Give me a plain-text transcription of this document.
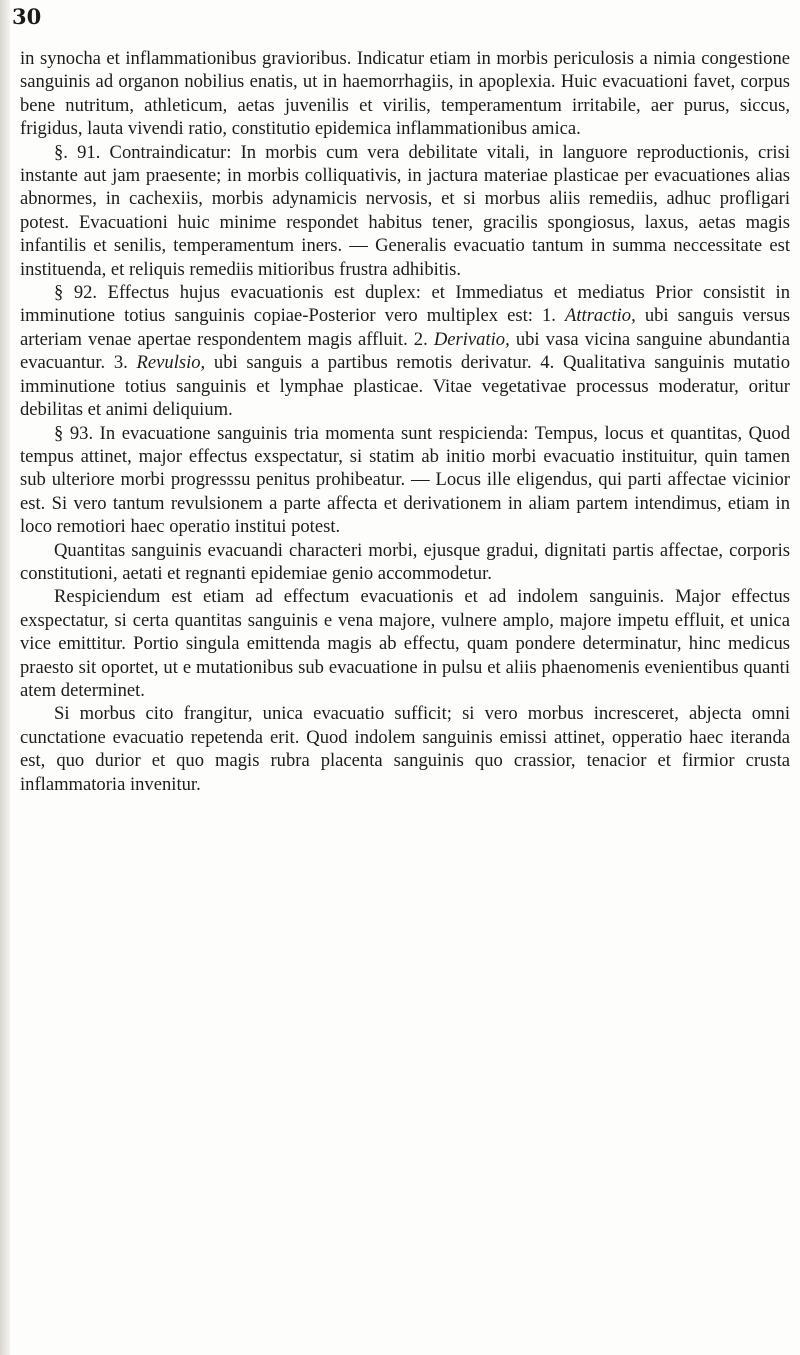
30

in synocha et inflammationibus gravioribus. Indicatur etiam in morbis periculosis a nimia congestione sanguinis ad organon nobilius enatis, ut in haemorrhagiis, in apoplexia. Huic evacuationi favet, corpus bene nutritum, athleticum, aetas juvenilis et virilis, temperamentum irritabile, aer purus, siccus, frigidus, lauta vivendi ratio, constitutio epidemica inflammationibus amica.

§. 91. Contraindicatur: In morbis cum vera debilitate vitali, in languore reproductionis, crisi instante aut jam praesente; in morbis colliquativis, in jactura materiae plasticae per evacuationes alias abnormes, in cachexiis, morbis adynamicis nervosis, et si morbus aliis remediis, adhuc profligari potest. Evacuationi huic minime respondet habitus tener, gracilis spongiosus, laxus, aetas magis infantilis et senilis, temperamentum iners. — Generalis evacuatio tantum in summa neccessitate est instituenda, et reliquis remediis mitioribus frustra adhibitis.

§ 92. Effectus hujus evacuationis est duplex: et Immediatus et mediatus Prior consistit in imminutione totius sanguinis copiae-Posterior vero multiplex est: 1. Attractio, ubi sanguis versus arteriam venae apertae respondentem magis affluit. 2. Derivatio, ubi vasa vicina sanguine abundantia evacuantur. 3. Revulsio, ubi sanguis a partibus remotis derivatur. 4. Qualitativa sanguinis mutatio imminutione totius sanguinis et lymphae plasticae. Vitae vegetativae processus moderatur, oritur debilitas et animi deliquium.

§ 93. In evacuatione sanguinis tria momenta sunt respicienda: Tempus, locus et quantitas, Quod tempus attinet, major effectus exspectatur, si statim ab initio morbi evacuatio instituitur, quin tamen sub ulteriore morbi progresssu penitus prohibeatur. — Locus ille eligendus, qui parti affectae vicinior est. Si vero tantum revulsionem a parte affecta et derivationem in aliam partem intendimus, etiam in loco remotiori haec operatio institui potest.

Quantitas sanguinis evacuandi characteri morbi, ejusque gradui, dignitati partis affectae, corporis constitutioni, aetati et regnanti epidemiae genio accommodetur.

Respiciendum est etiam ad effectum evacuationis et ad indolem sanguinis. Major effectus exspectatur, si certa quantitas sanguinis e vena majore, vulnere amplo, majore impetu effluit, et unica vice emittitur. Portio singula emittenda magis ab effectu, quam pondere determinatur, hinc medicus praesto sit oportet, ut e mutationibus sub evacuatione in pulsu et aliis phaenomenis evenientibus quanti atem determinet.

Si morbus cito frangitur, unica evacuatio sufficit; si vero morbus increscеret, abjecta omni cunctatione evacuatio repetenda erit. Quod indolem sanguinis emissi attinet, opperatio haec iteranda est, quo durior et quo magis rubra placenta sanguinis quo crassior, tenacior et firmior crusta inflammatoria invenitur.
